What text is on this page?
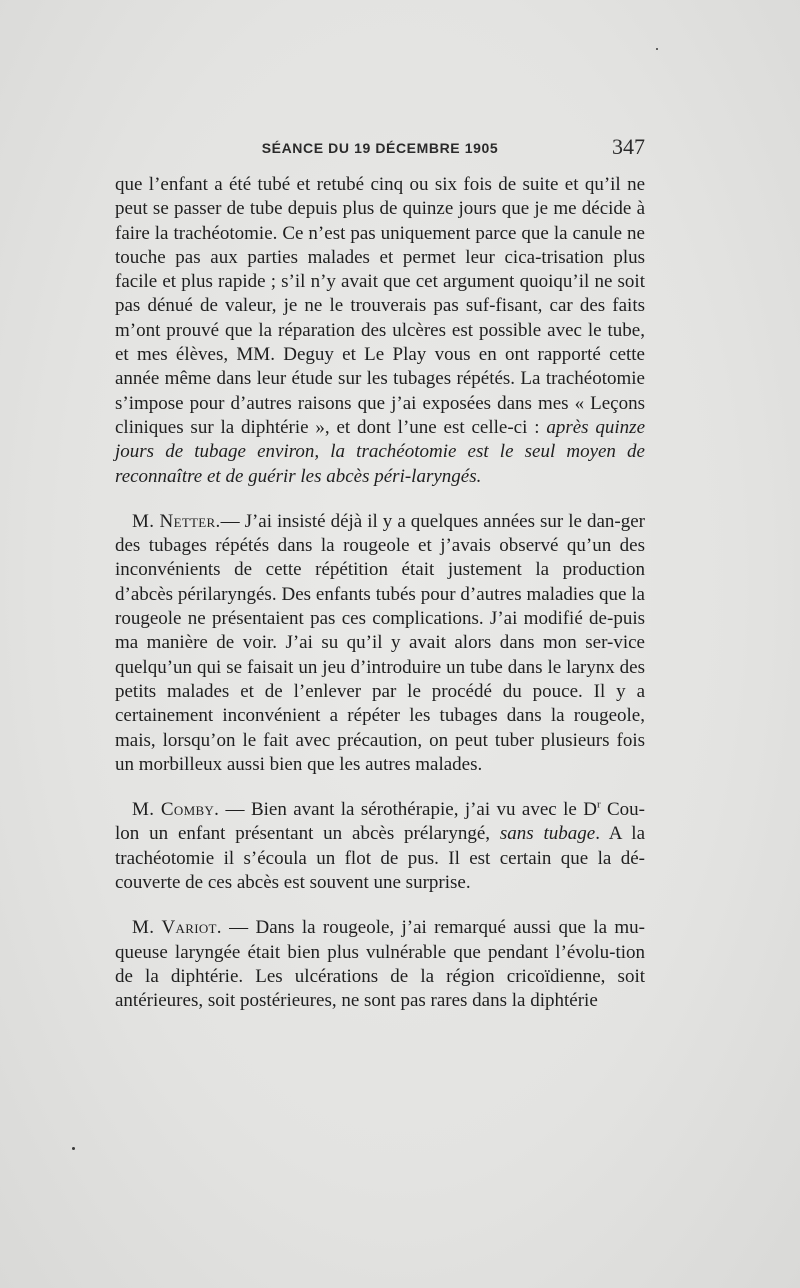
SÉANCE DU 19 DÉCEMBRE 1905	347

que l’enfant a été tubé et retubé cinq ou six fois de suite et qu’il ne peut se passer de tube depuis plus de quinze jours que je me décide à faire la trachéotomie. Ce n’est pas uniquement parce que la canule ne touche pas aux parties malades et permet leur cica-trisation plus facile et plus rapide ; s’il n’y avait que cet argument quoiqu’il ne soit pas dénué de valeur, je ne le trouverais pas suf-fisant, car des faits m’ont prouvé que la réparation des ulcères est possible avec le tube, et mes élèves, MM. Deguy et Le Play vous en ont rapporté cette année même dans leur étude sur les tubages répétés. La trachéotomie s’impose pour d’autres raisons que j’ai exposées dans mes « Leçons cliniques sur la diphtérie », et dont l’une est celle-ci : après quinze jours de tubage environ, la trachéotomie est le seul moyen de reconnaître et de guérir les abcès péri-laryngés.

M. Netter.— J’ai insisté déjà il y a quelques années sur le dan-ger des tubages répétés dans la rougeole et j’avais observé qu’un des inconvénients de cette répétition était justement la production d’abcès périlaryngés. Des enfants tubés pour d’autres maladies que la rougeole ne présentaient pas ces complications. J’ai modifié de-puis ma manière de voir. J’ai su qu’il y avait alors dans mon ser-vice quelqu’un qui se faisait un jeu d’introduire un tube dans le larynx des petits malades et de l’enlever par le procédé du pouce. Il y a certainement inconvénient a répéter les tubages dans la rougeole, mais, lorsqu’on le fait avec précaution, on peut tuber plusieurs fois un morbilleux aussi bien que les autres malades.

M. Comby. — Bien avant la sérothérapie, j’ai vu avec le $D^r$ Cou-lon un enfant présentant un abcès prélaryngé, sans tubage. A la trachéotomie il s’écoula un flot de pus. Il est certain que la dé-couverte de ces abcès est souvent une surprise.

M. Variot. — Dans la rougeole, j’ai remarqué aussi que la mu-queuse laryngée était bien plus vulnérable que pendant l’évolu-tion de la diphtérie. Les ulcérations de la région cricoïdienne, soit antérieures, soit postérieures, ne sont pas rares dans la diphtérie
